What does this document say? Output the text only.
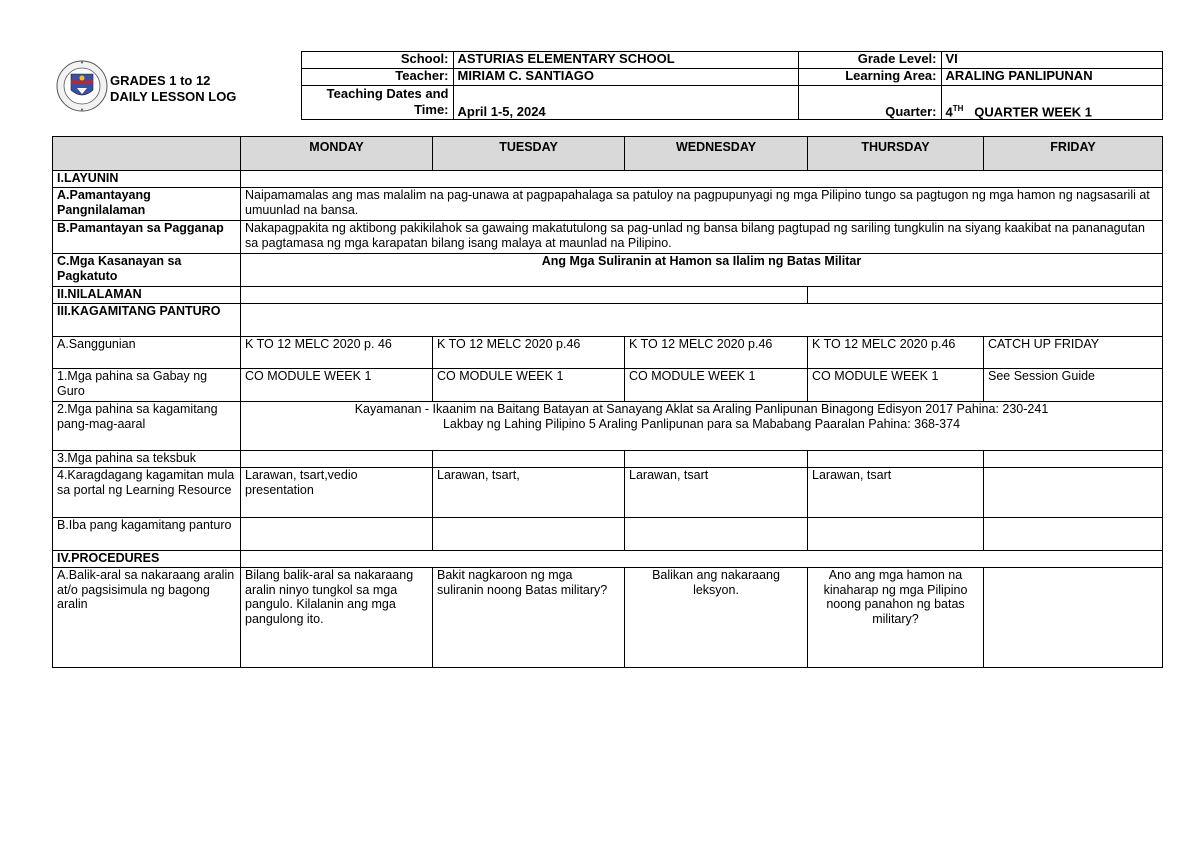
GRADES 1 to 12
DAILY LESSON LOG	School:	ASTURIAS ELEMENTARY SCHOOL	Grade Level:	VI
	Teacher:	MIRIAM C. SANTIAGO	Learning Area:	ARALING PANLIPUNAN

	Teaching Dates and
Time:	April 1-5, 2024	Quarter:	4TH QUARTER WEEK 1
	MONDAY	TUESDAY	WEDNESDAY	THURSDAY	FRIDAY
I.LAYUNIN					
A.Pamantayang Pangnilalaman	Naipamamalas ang mas malalim na pag-unawa at pagpapahalaga sa patuloy na pagpupunyagi ng mga Pilipino tungo sa pagtugon ng mga hamon ng nagsasarili at umuunlad na bansa.				
B.Pamantayan sa Pagganap	Nakapagpakita ng aktibong pakikilahok sa gawaing makatutulong sa pag-unlad ng bansa bilang pagtupad ng sariling tungkulin na siyang kaakibat na pananagutan sa pagtamasa ng mga karapatan bilang isang malaya at maunlad na Pilipino.				
C.Mga Kasanayan sa Pagkatuto	Ang Mga Suliranin at Hamon sa Ilalim ng Batas Militar				
II.NILALAMAN					
III.KAGAMITANG PANTURO					
A.Sanggunian	K TO 12 MELC 2020 p. 46	K TO 12 MELC 2020 p.46	K TO 12 MELC 2020 p.46	K TO 12 MELC 2020 p.46	CATCH UP FRIDAY
1.Mga pahina sa Gabay ng Guro	CO MODULE WEEK 1	CO MODULE WEEK 1	CO MODULE WEEK 1	CO MODULE WEEK 1	See Session Guide
2.Mga pahina sa kagamitang pang-mag-aaral	Kayamanan - Ikaanim na Baitang Batayan at Sanayang Aklat sa Araling Panlipunan Binagong Edisyon 2017 Pahina: 230-241
Lakbay ng Lahing Pilipino 5 Araling Panlipunan para sa Mababang Paaralan Pahina: 368-374				

3.Mga pahina sa teksbuk					
4.Karagdagang kagamitan mula sa portal ng Learning Resource	Larawan, tsart,vedio presentation	Larawan, tsart,	Larawan, tsart	Larawan, tsart	
B.Iba pang kagamitang panturo					
IV.PROCEDURES					
A.Balik-aral sa nakaraang aralin at/o pagsisimula ng bagong aralin	Bilang balik-aral sa nakaraang aralin ninyo tungkol sa mga pangulo. Kilalanin ang mga pangulong ito.	Bakit nagkaroon ng mga suliranin noong Batas military?	Balikan ang nakaraang leksyon.	Ano ang mga hamon na kinaharap ng mga Pilipino noong panahon ng batas military?	
